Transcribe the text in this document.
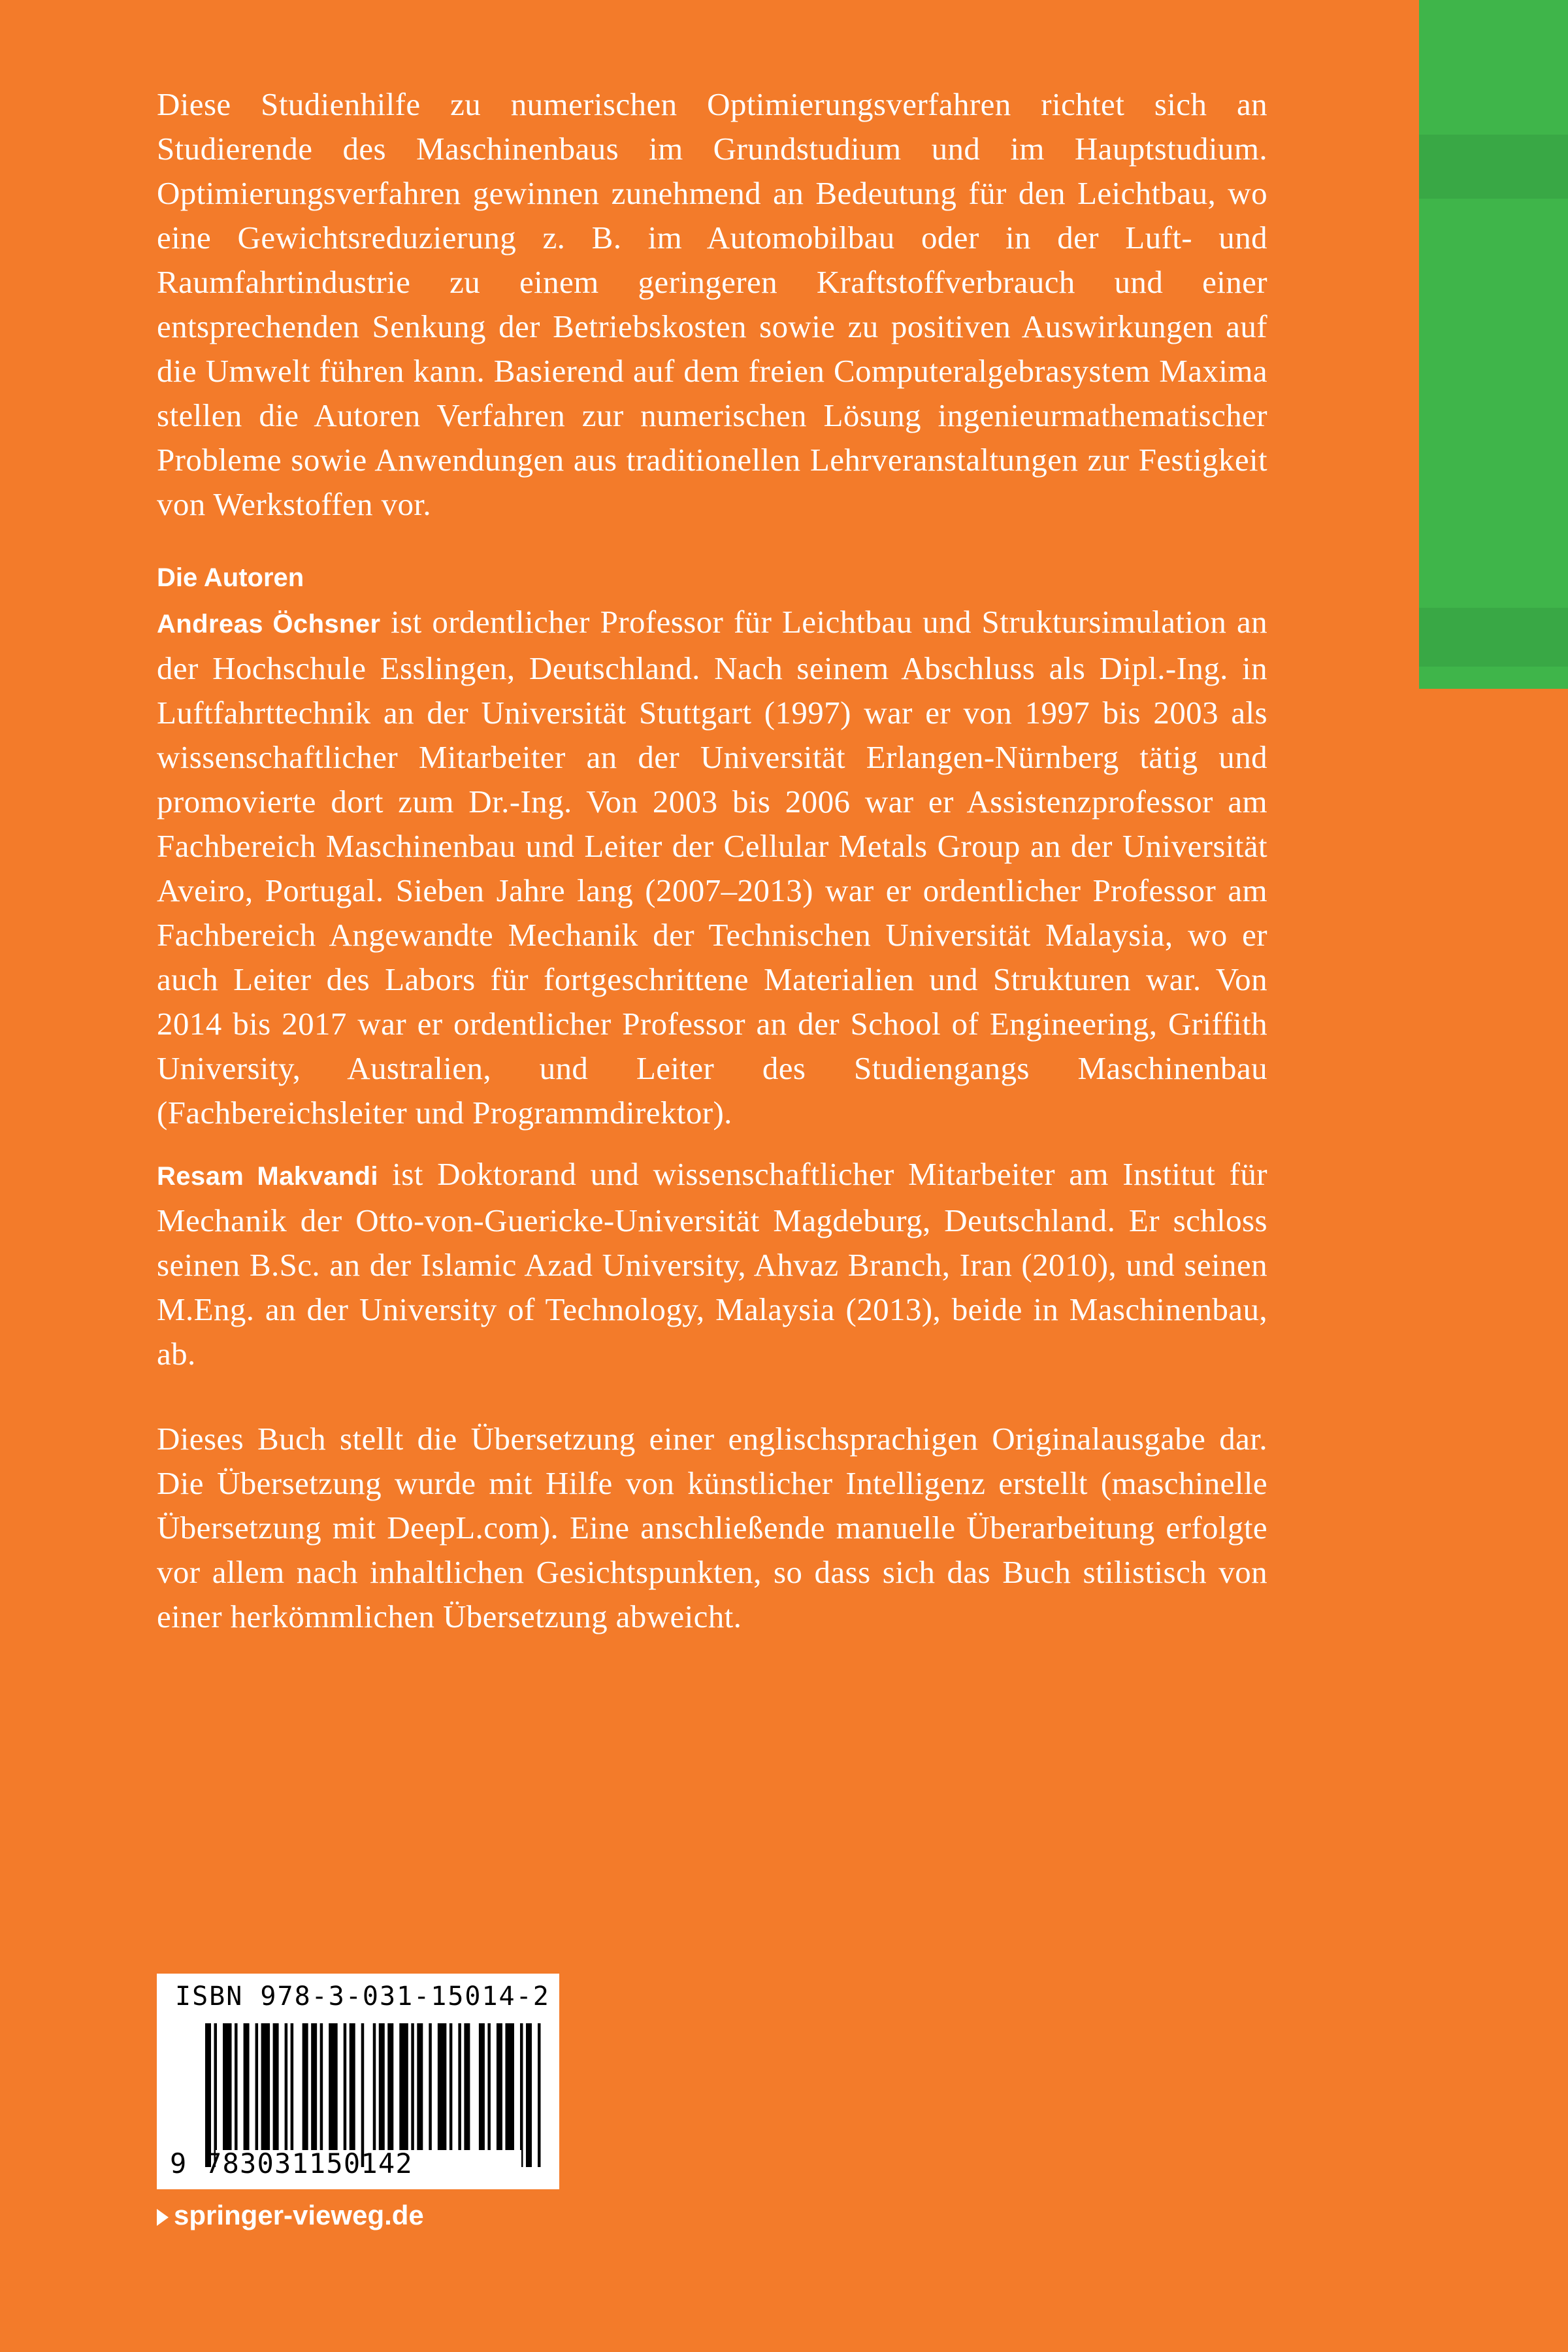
Diese Studienhilfe zu numerischen Optimierungsverfahren richtet sich an Studierende des Maschinenbaus im Grundstudium und im Hauptstudium. Optimierungsverfahren gewinnen zunehmend an Bedeutung für den Leichtbau, wo eine Gewichtsreduzierung z. B. im Automobilbau oder in der Luft- und Raumfahrtindustrie zu einem geringeren Kraftstoffverbrauch und einer entsprechenden Senkung der Betriebskosten sowie zu positiven Auswirkungen auf die Umwelt führen kann. Basierend auf dem freien Computeralgebrasystem Maxima stellen die Autoren Verfahren zur numerischen Lösung ingenieurmathematischer Probleme sowie Anwendungen aus traditionellen Lehrveranstaltungen zur Festigkeit von Werkstoffen vor.

Die Autoren

Andreas Öchsner ist ordentlicher Professor für Leichtbau und Struktursimulation an der Hochschule Esslingen, Deutschland. Nach seinem Abschluss als Dipl.-Ing. in Luftfahrttechnik an der Universität Stuttgart (1997) war er von 1997 bis 2003 als wissenschaftlicher Mitarbeiter an der Universität Erlangen-Nürnberg tätig und promovierte dort zum Dr.-Ing. Von 2003 bis 2006 war er Assistenzprofessor am Fachbereich Maschinenbau und Leiter der Cellular Metals Group an der Universität Aveiro, Portugal. Sieben Jahre lang (2007–2013) war er ordentlicher Professor am Fachbereich Angewandte Mechanik der Technischen Universität Malaysia, wo er auch Leiter des Labors für fortgeschrittene Materialien und Strukturen war. Von 2014 bis 2017 war er ordentlicher Professor an der School of Engineering, Griffith University, Australien, und Leiter des Studiengangs Maschinenbau (Fachbereichsleiter und Programmdirektor).

Resam Makvandi ist Doktorand und wissenschaftlicher Mitarbeiter am Institut für Mechanik der Otto-von-Guericke-Universität Magdeburg, Deutschland. Er schloss seinen B.Sc. an der Islamic Azad University, Ahvaz Branch, Iran (2010), und seinen M.Eng. an der University of Technology, Malaysia (2013), beide in Maschinenbau, ab.

Dieses Buch stellt die Übersetzung einer englischsprachigen Originalausgabe dar. Die Übersetzung wurde mit Hilfe von künstlicher Intelligenz erstellt (maschinelle Übersetzung mit DeepL.com). Eine anschließende manuelle Überarbeitung erfolgte vor allem nach inhaltlichen Gesichtspunkten, so dass sich das Buch stilistisch von einer herkömmlichen Übersetzung abweicht.

ISBN 978-3-031-15014-2
9 783031150142
springer-vieweg.de
